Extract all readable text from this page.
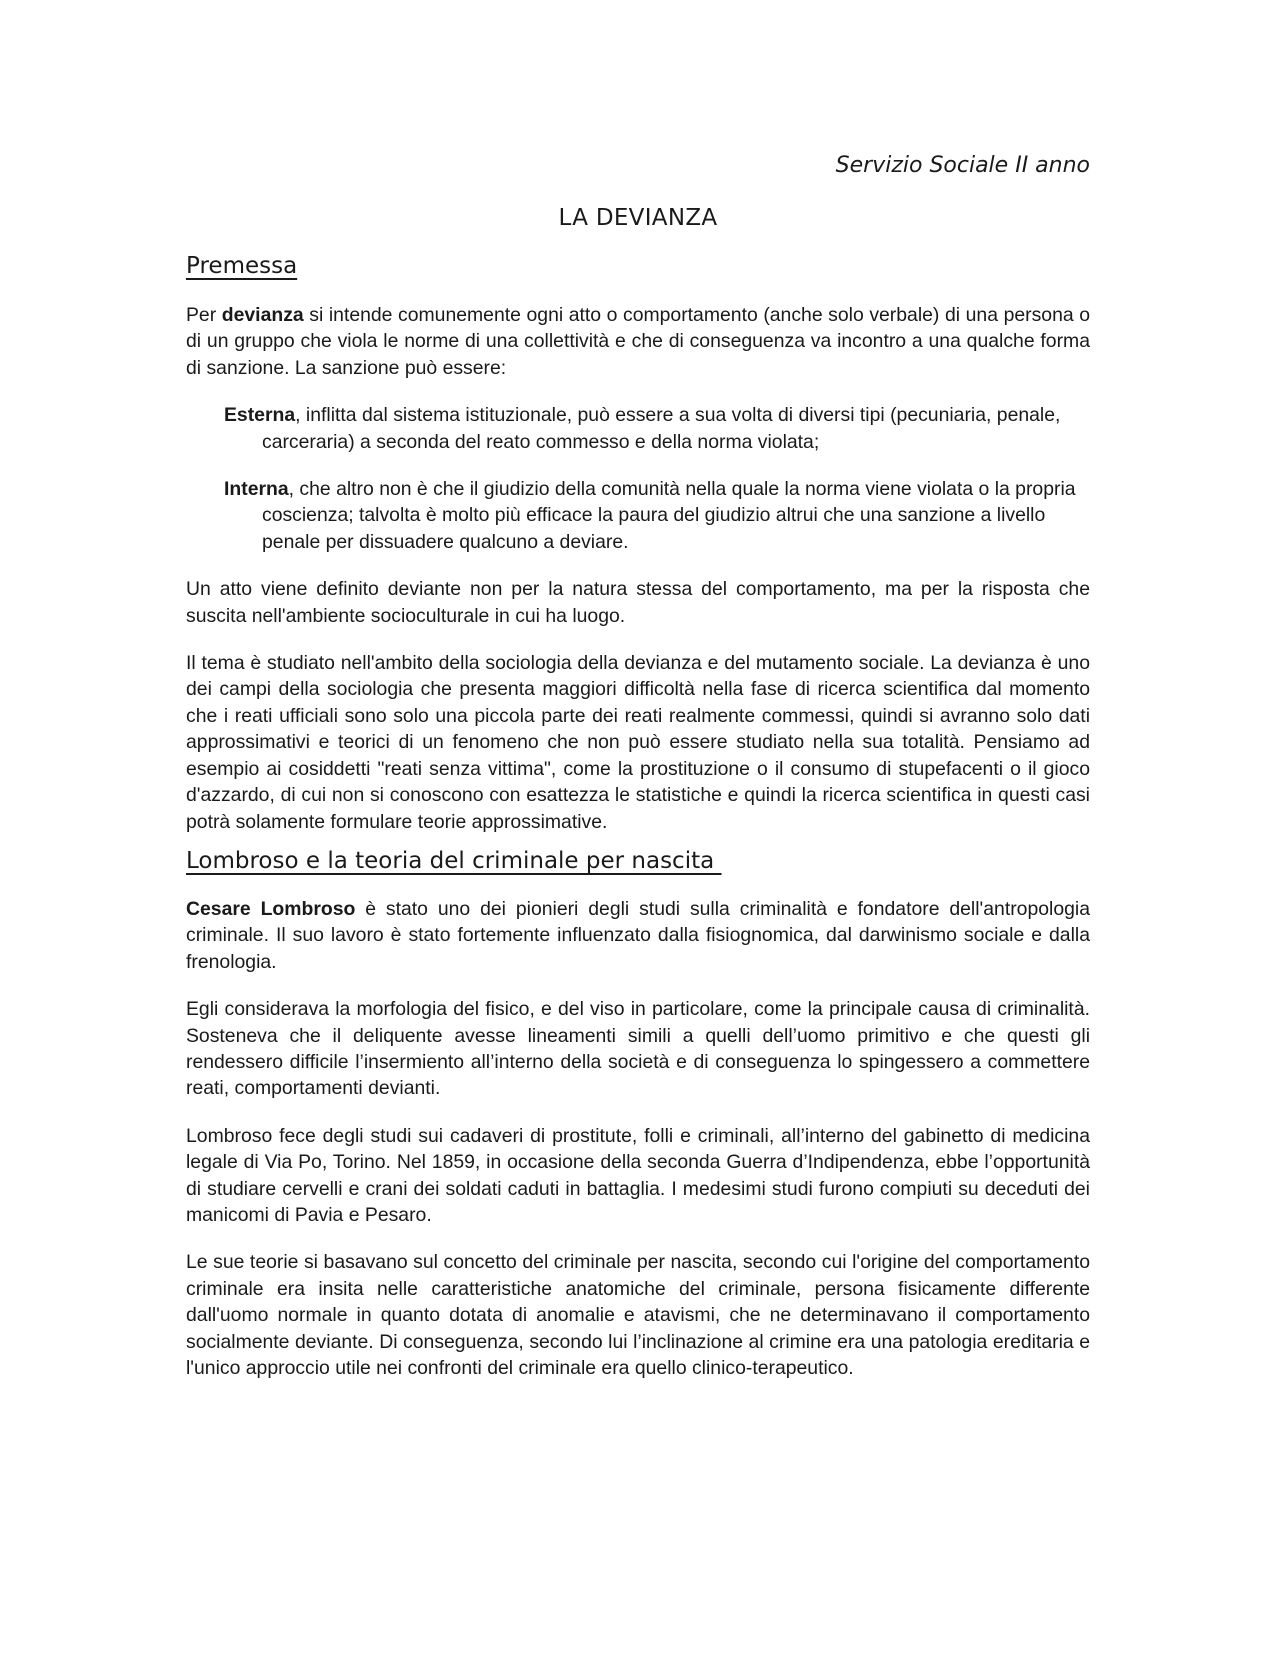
Servizio Sociale II anno
LA DEVIANZA
Premessa

Per devianza si intende comunemente ogni atto o comportamento (anche solo verbale) di una persona o di un gruppo che viola le norme di una collettività e che di conseguenza va incontro a una qualche forma di sanzione. La sanzione può essere:

Esterna, inflitta dal sistema istituzionale, può essere a sua volta di diversi tipi (pecuniaria, penale, carceraria) a seconda del reato commesso e della norma violata;

Interna, che altro non è che il giudizio della comunità nella quale la norma viene violata o la propria coscienza; talvolta è molto più efficace la paura del giudizio altrui che una sanzione a livello penale per dissuadere qualcuno a deviare.

Un atto viene definito deviante non per la natura stessa del comportamento, ma per la risposta che suscita nell'ambiente socioculturale in cui ha luogo.

Il tema è studiato nell'ambito della sociologia della devianza e del mutamento sociale. La devianza è uno dei campi della sociologia che presenta maggiori difficoltà nella fase di ricerca scientifica dal momento che i reati ufficiali sono solo una piccola parte dei reati realmente commessi, quindi si avranno solo dati approssimativi e teorici di un fenomeno che non può essere studiato nella sua totalità. Pensiamo ad esempio ai cosiddetti "reati senza vittima", come la prostituzione o il consumo di stupefacenti o il gioco d'azzardo, di cui non si conoscono con esattezza le statistiche e quindi la ricerca scientifica in questi casi potrà solamente formulare teorie approssimative.

Lombroso e la teoria del criminale per nascita

Cesare Lombroso è stato uno dei pionieri degli studi sulla criminalità e fondatore dell'antropologia criminale. Il suo lavoro è stato fortemente influenzato dalla fisiognomica, dal darwinismo sociale e dalla frenologia.

Egli considerava la morfologia del fisico, e del viso in particolare, come la principale causa di criminalità. Sosteneva che il deliquente avesse lineamenti simili a quelli dell’uomo primitivo e che questi gli rendessero difficile l’insermiento all’interno della società e di conseguenza lo spingessero a commettere reati, comportamenti devianti.

Lombroso fece degli studi sui cadaveri di prostitute, folli e criminali, all’interno del gabinetto di medicina legale di Via Po, Torino. Nel 1859, in occasione della seconda Guerra d’Indipendenza, ebbe l’opportunità di studiare cervelli e crani dei soldati caduti in battaglia. I medesimi studi furono compiuti su deceduti dei manicomi di Pavia e Pesaro.

Le sue teorie si basavano sul concetto del criminale per nascita, secondo cui l'origine del comportamento criminale era insita nelle caratteristiche anatomiche del criminale, persona fisicamente differente dall'uomo normale in quanto dotata di anomalie e atavismi, che ne determinavano il comportamento socialmente deviante. Di conseguenza, secondo lui l’inclinazione al crimine era una patologia ereditaria e l'unico approccio utile nei confronti del criminale era quello clinico-terapeutico.
